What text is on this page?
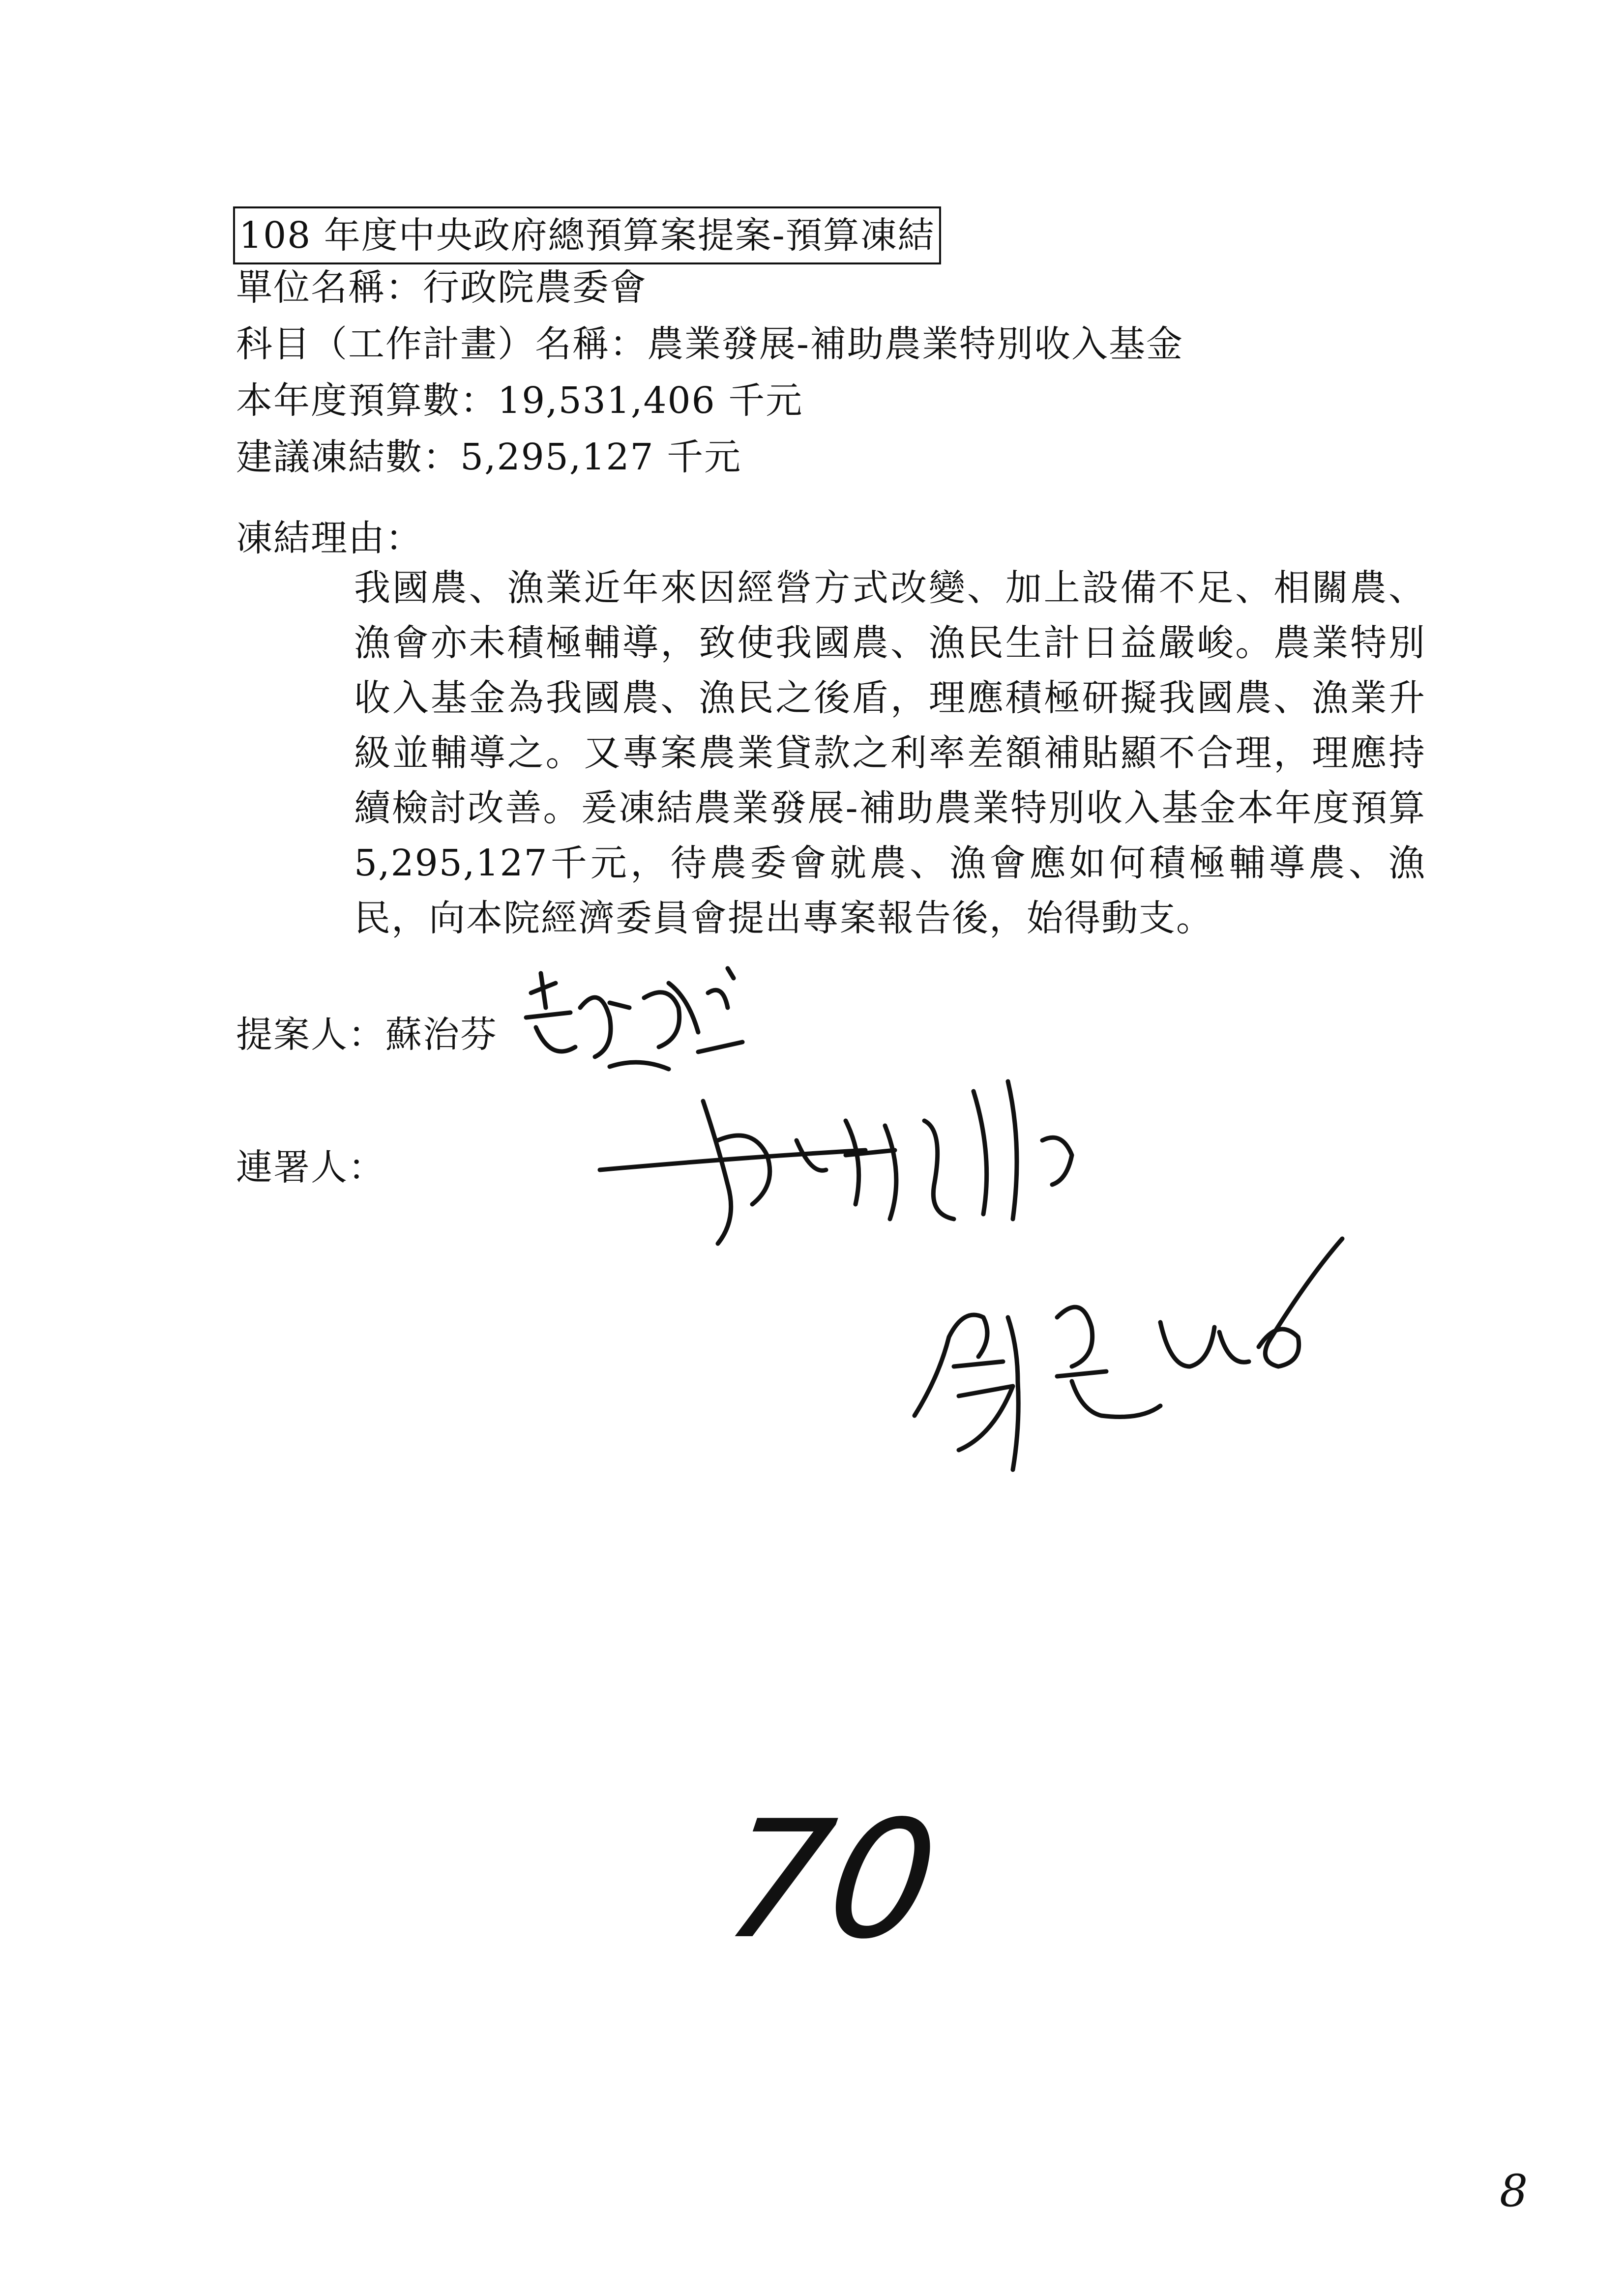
108 年度中央政府總預算案提案-預算凍結
單位名稱：行政院農委會
科目（工作計畫）名稱：農業發展-補助農業特別收入基金
本年度預算數：19,531,406 千元
建議凍結數：5,295,127 千元
凍結理由：
我國農、漁業近年來因經營方式改變、加上設備不足、相關農、漁會亦未積極輔導，致使我國農、漁民生計日益嚴峻。農業特別收入基金為我國農、漁民之後盾，理應積極研擬我國農、漁業升級並輔導之。又專案農業貸款之利率差額補貼顯不合理，理應持續檢討改善。爰凍結農業發展-補助農業特別收入基金本年度預算5,295,127千元，待農委會就農、漁會應如何積極輔導農、漁民，向本院經濟委員會提出專案報告後，始得動支。
提案人：蘇治芬
連署人：
70
8
